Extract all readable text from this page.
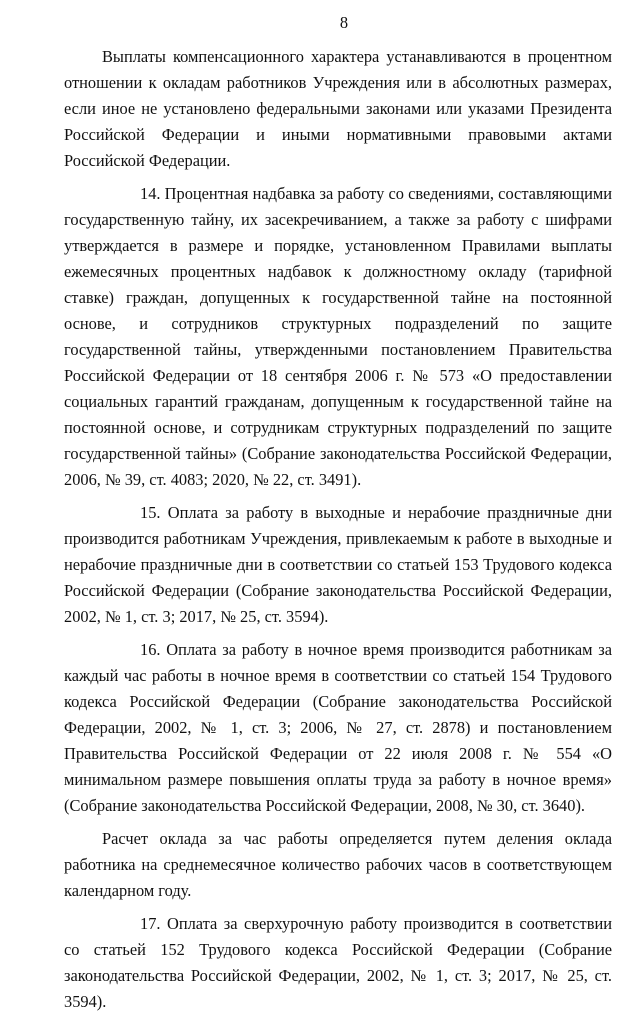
8

Выплаты компенсационного характера устанавливаются в процентном отношении к окладам работников Учреждения или в абсолютных размерах, если иное не установлено федеральными законами или указами Президента Российской Федерации и иными нормативными правовыми актами Российской Федерации.

14. Процентная надбавка за работу со сведениями, составляющими государственную тайну, их засекречиванием, а также за работу с шифрами утверждается в размере и порядке, установленном Правилами выплаты ежемесячных процентных надбавок к должностному окладу (тарифной ставке) граждан, допущенных к государственной тайне на постоянной основе, и сотрудников структурных подразделений по защите государственной тайны, утвержденными постановлением Правительства Российской Федерации от 18 сентября 2006 г. № 573 «О предоставлении социальных гарантий гражданам, допущенным к государственной тайне на постоянной основе, и сотрудникам структурных подразделений по защите государственной тайны» (Собрание законодательства Российской Федерации, 2006, № 39, ст. 4083; 2020, № 22, ст. 3491).

15. Оплата за работу в выходные и нерабочие праздничные дни производится работникам Учреждения, привлекаемым к работе в выходные и нерабочие праздничные дни в соответствии со статьей 153 Трудового кодекса Российской Федерации (Собрание законодательства Российской Федерации, 2002, № 1, ст. 3; 2017, № 25, ст. 3594).

16. Оплата за работу в ночное время производится работникам за каждый час работы в ночное время в соответствии со статьей 154 Трудового кодекса Российской Федерации (Собрание законодательства Российской Федерации, 2002, № 1, ст. 3; 2006, № 27, ст. 2878) и постановлением Правительства Российской Федерации от 22 июля 2008 г. № 554 «О минимальном размере повышения оплаты труда за работу в ночное время» (Собрание законодательства Российской Федерации, 2008, № 30, ст. 3640).

Расчет оклада за час работы определяется путем деления оклада работника на среднемесячное количество рабочих часов в соответствующем календарном году.

17. Оплата за сверхурочную работу производится в соответствии со статьей 152 Трудового кодекса Российской Федерации (Собрание законодательства Российской Федерации, 2002, № 1, ст. 3; 2017, № 25, ст. 3594).
